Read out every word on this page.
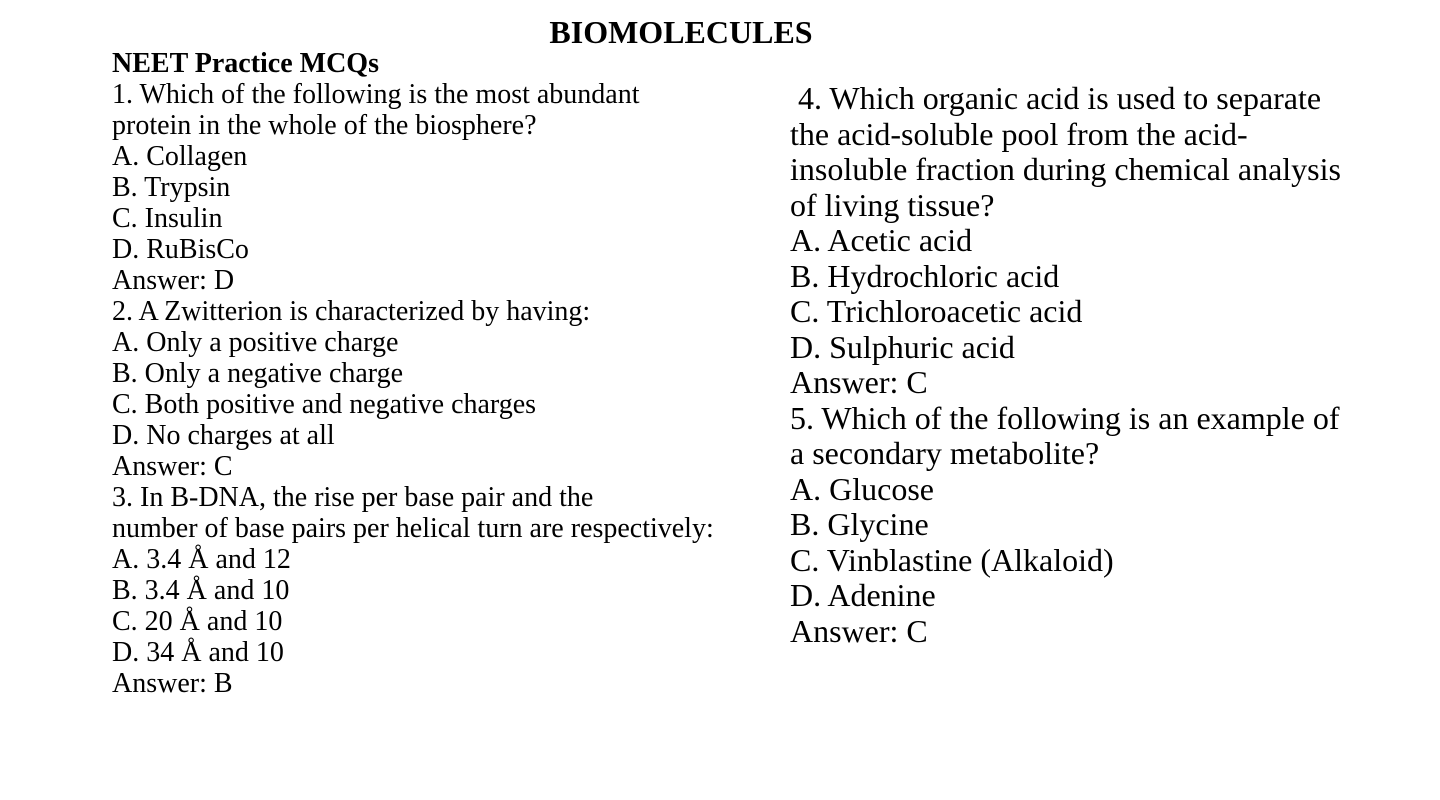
BIOMOLECULES
NEET Practice MCQs
1. Which of the following is the most abundant
protein in the whole of the biosphere?
A. Collagen
B. Trypsin
C. Insulin
D. RuBisCo
Answer: D
2. A Zwitterion is characterized by having:
A. Only a positive charge
B. Only a negative charge
C. Both positive and negative charges
D. No charges at all
Answer: C
3. In B-DNA, the rise per base pair and the
number of base pairs per helical turn are respectively:
A. 3.4 Å and 12
B. 3.4 Å and 10
C. 20 Å and 10
D. 34 Å and 10
Answer: B
4. Which organic acid is used to separate
the acid-soluble pool from the acid-
insoluble fraction during chemical analysis
of living tissue?
A. Acetic acid
B. Hydrochloric acid
C. Trichloroacetic acid
D. Sulphuric acid
Answer: C
5. Which of the following is an example of
a secondary metabolite?
A. Glucose
B. Glycine
C. Vinblastine (Alkaloid)
D. Adenine
Answer: C
